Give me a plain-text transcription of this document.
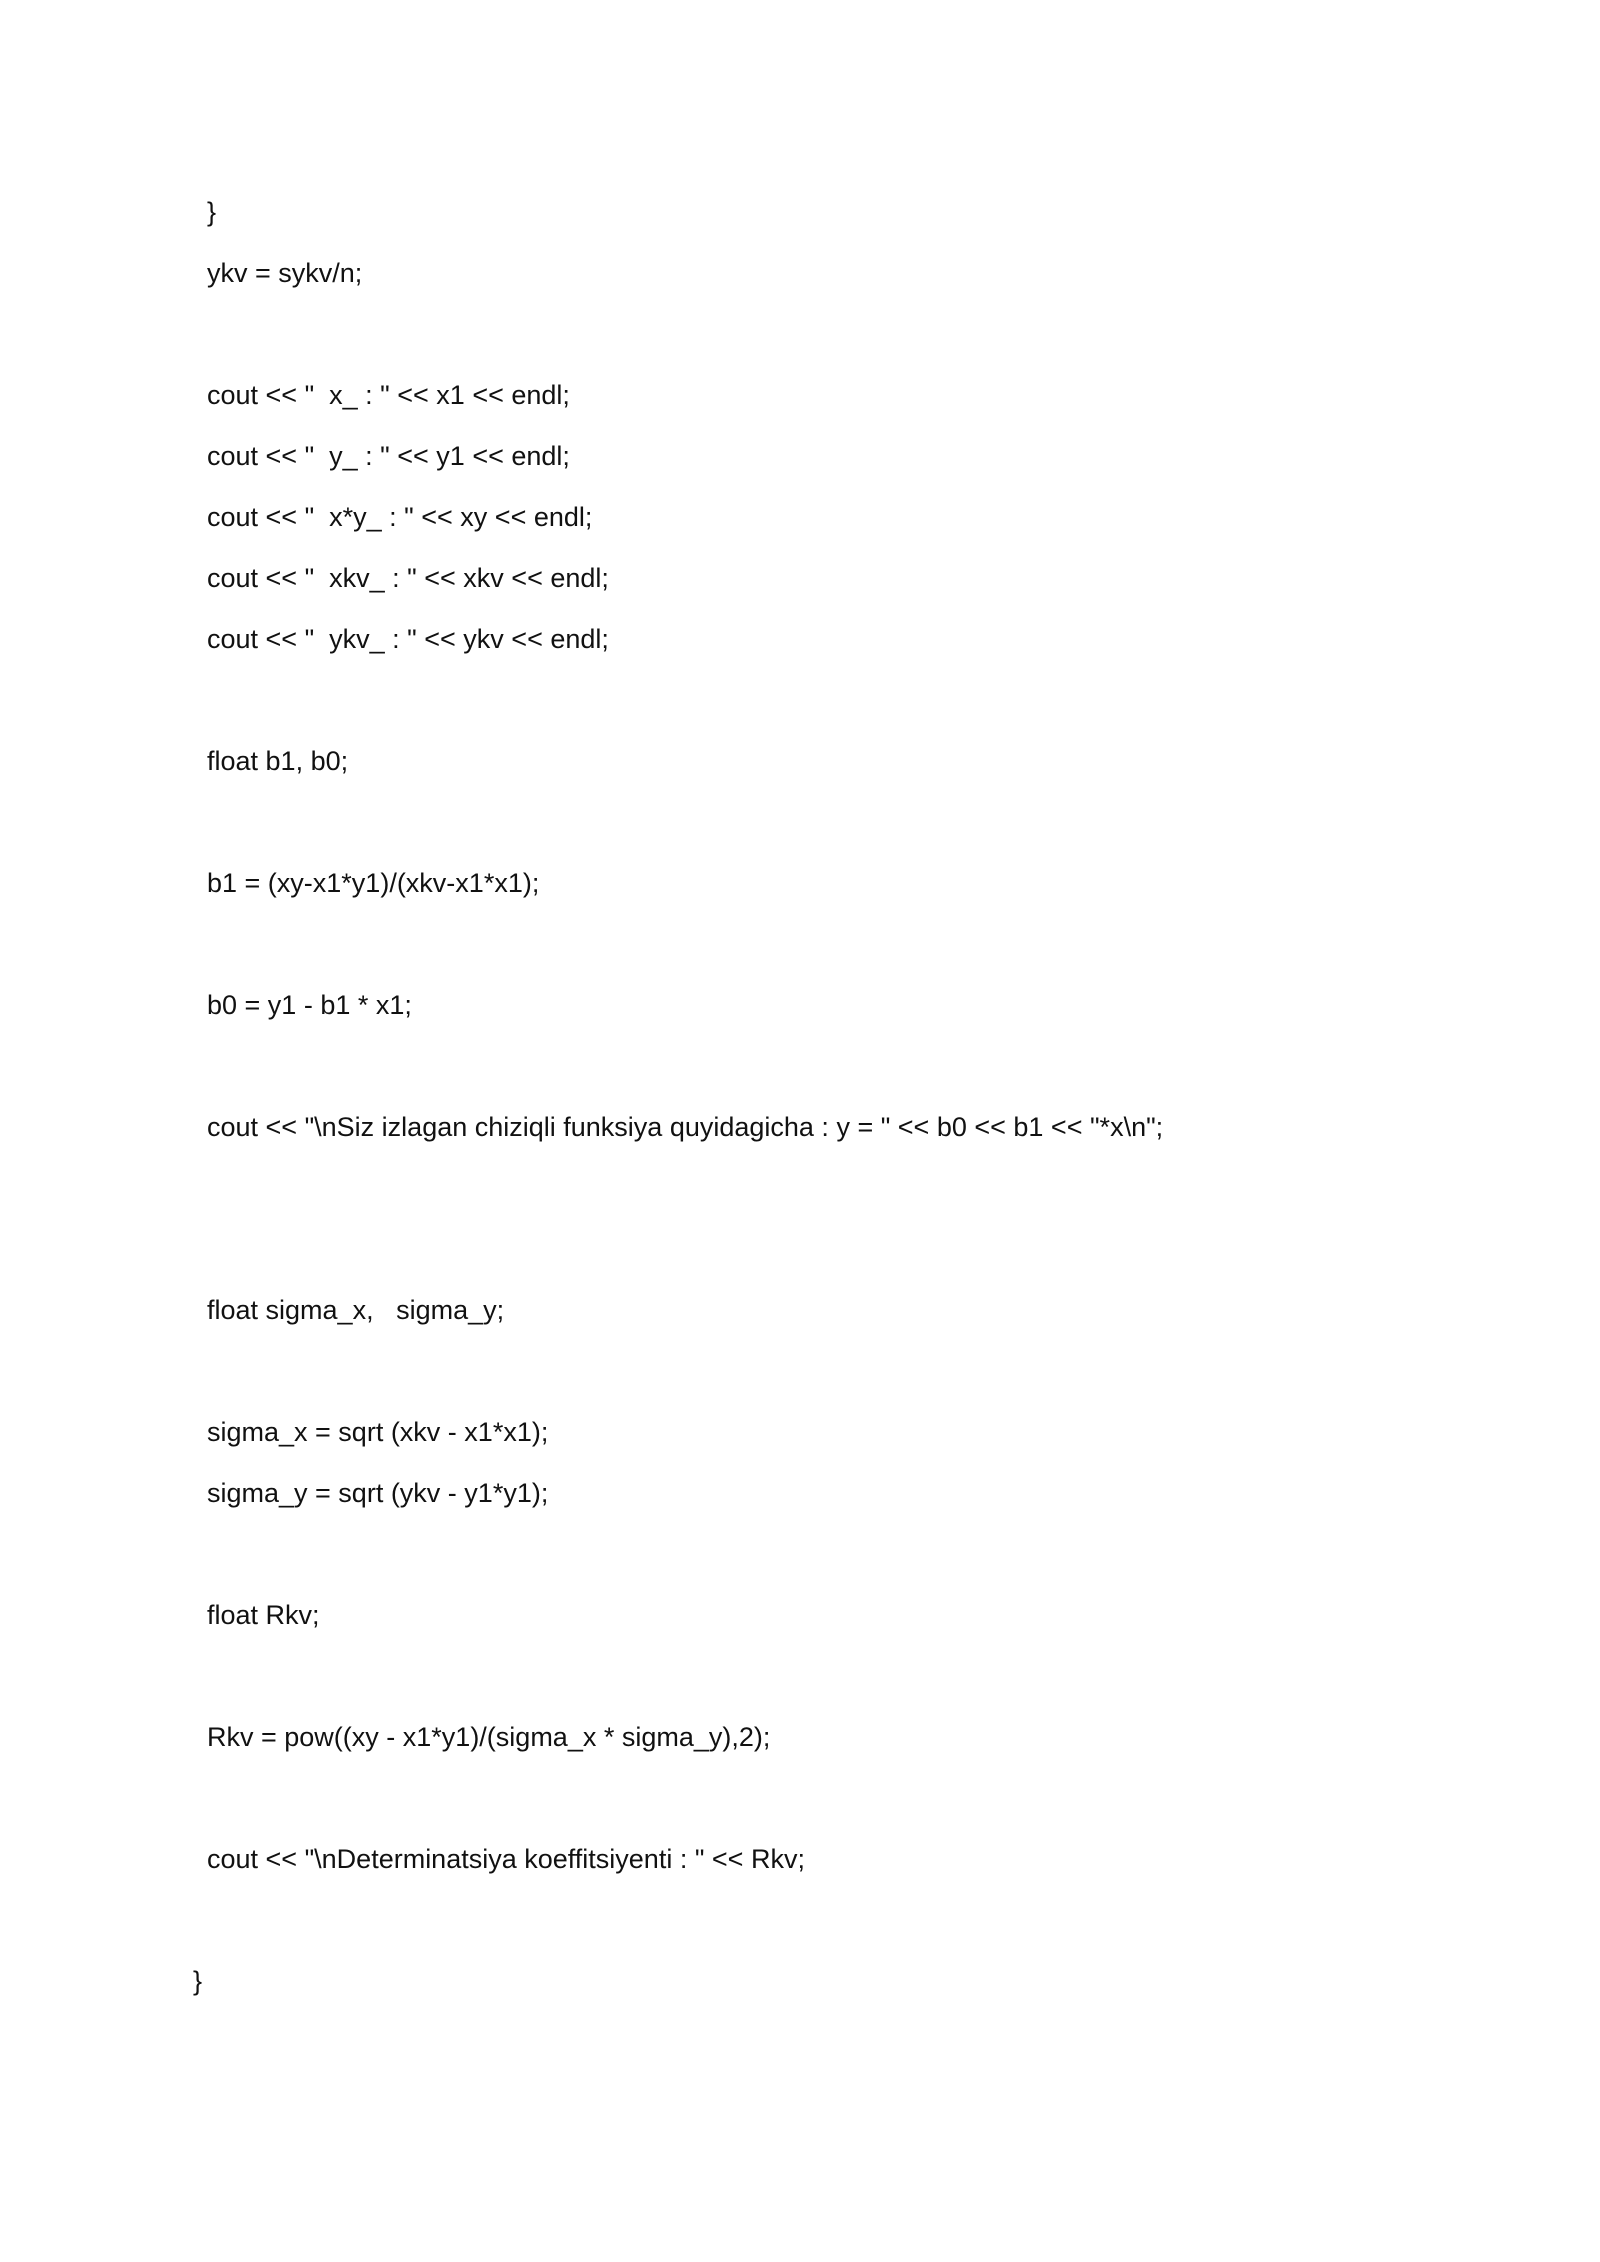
}

ykv = sykv/n;

cout << "  x_ : " << x1 << endl;

cout << "  y_ : " << y1 << endl;

cout << "  x*y_ : " << xy << endl;

cout << "  xkv_ : " << xkv << endl;

cout << "  ykv_ : " << ykv << endl;

float b1, b0;

b1 = (xy-x1*y1)/(xkv-x1*x1);

b0 = y1 - b1 * x1;

cout << "\nSiz izlagan chiziqli funksiya quyidagicha : y = " << b0 << b1 << "*x\n";

float sigma_x,   sigma_y;

sigma_x = sqrt (xkv - x1*x1);

sigma_y = sqrt (ykv - y1*y1);

float Rkv;

Rkv = pow((xy - x1*y1)/(sigma_x * sigma_y),2);

cout << "\nDeterminatsiya koeffitsiyenti : " << Rkv;

}
